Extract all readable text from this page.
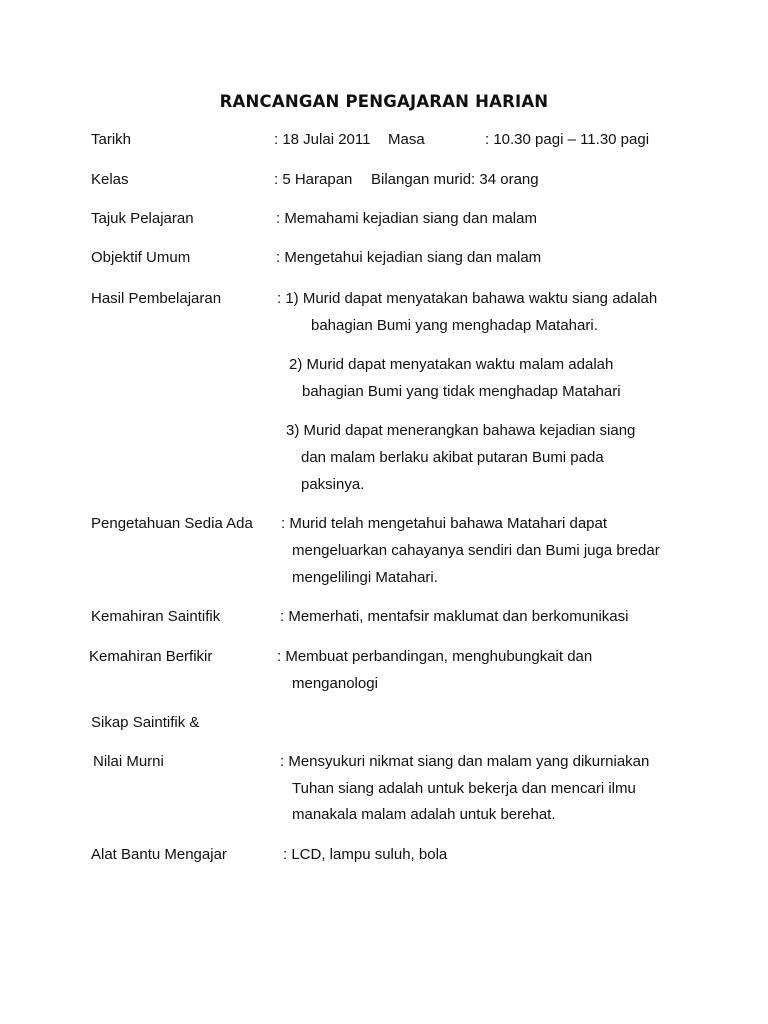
RANCANGAN PENGAJARAN HARIAN
Tarikh	: 18 Julai 2011 Masa	: 10.30 pagi – 11.30 pagi
Kelas	: 5 Harapan Bilangan murid: 34 orang
Tajuk Pelajaran	: Memahami kejadian siang dan malam
Objektif Umum	: Mengetahui kejadian siang dan malam
Hasil Pembelajaran	: 1) Murid dapat menyatakan bahawa waktu siang adalah
bahagian Bumi yang menghadap Matahari.
2) Murid dapat menyatakan waktu malam adalah
bahagian Bumi yang tidak menghadap Matahari
3) Murid dapat menerangkan bahawa kejadian siang
dan malam berlaku akibat putaran Bumi pada
paksinya.
Pengetahuan Sedia Ada : Murid telah mengetahui bahawa Matahari dapat
mengeluarkan cahayanya sendiri dan Bumi juga bredar
mengelilingi Matahari.
Kemahiran Saintifik	: Memerhati, mentafsir maklumat dan berkomunikasi
Kemahiran Berfikir	: Membuat perbandingan, menghubungkait dan
menganologi
Sikap Saintifik &
Nilai Murni	: Mensyukuri nikmat siang dan malam yang dikurniakan
Tuhan siang adalah untuk bekerja dan mencari ilmu
manakala malam adalah untuk berehat.
Alat Bantu Mengajar	: LCD, lampu suluh, bola
